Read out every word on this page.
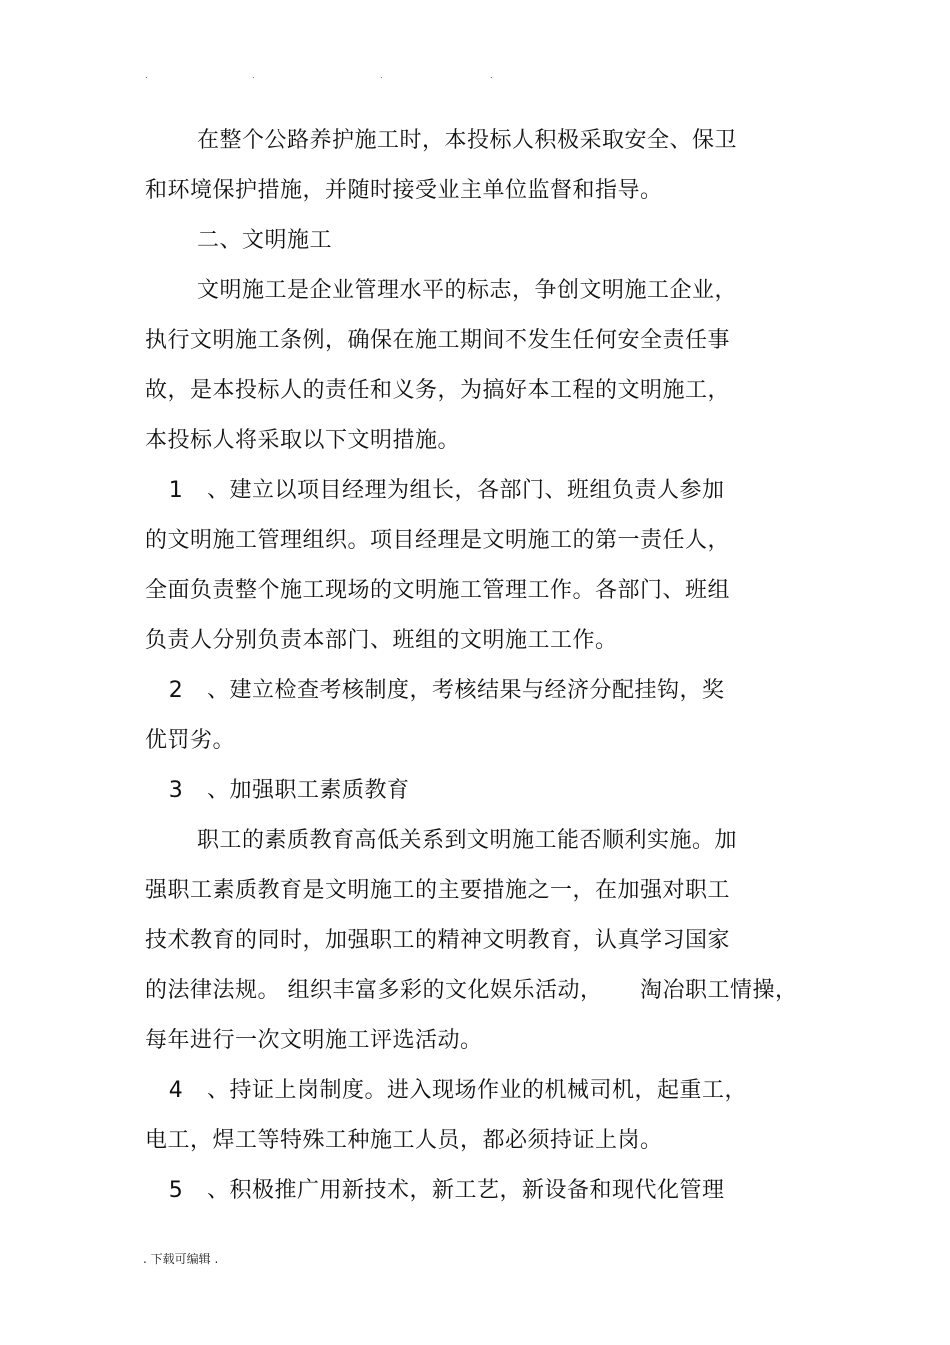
.	.	.	.
在整个公路养护施工时，本投标人积极采取安全、保卫
和环境保护措施，并随时接受业主单位监督和指导。
二、文明施工
文明施工是企业管理水平的标志，争创文明施工企业，
执行文明施工条例，确保在施工期间不发生任何安全责任事
故，是本投标人的责任和义务，为搞好本工程的文明施工，
本投标人将采取以下文明措施。
1 、建立以项目经理为组长，各部门、班组负责人参加
的文明施工管理组织。项目经理是文明施工的第一责任人，
全面负责整个施工现场的文明施工管理工作。各部门、班组
负责人分别负责本部门、班组的文明施工工作。
2 、建立检查考核制度，考核结果与经济分配挂钩，奖
优罚劣。
3 、加强职工素质教育
职工的素质教育高低关系到文明施工能否顺利实施。加
强职工素质教育是文明施工的主要措施之一，在加强对职工
技术教育的同时，加强职工的精神文明教育，认真学习国家
的法律法规。 组织丰富多彩的文化娱乐活动，     淘冶职工情操，
每年进行一次文明施工评选活动。
4 、持证上岗制度。进入现场作业的机械司机，起重工，
电工，焊工等特殊工种施工人员，都必须持证上岗。
5 、积极推广用新技术，新工艺，新设备和现代化管理
. 下载可编辑 .
